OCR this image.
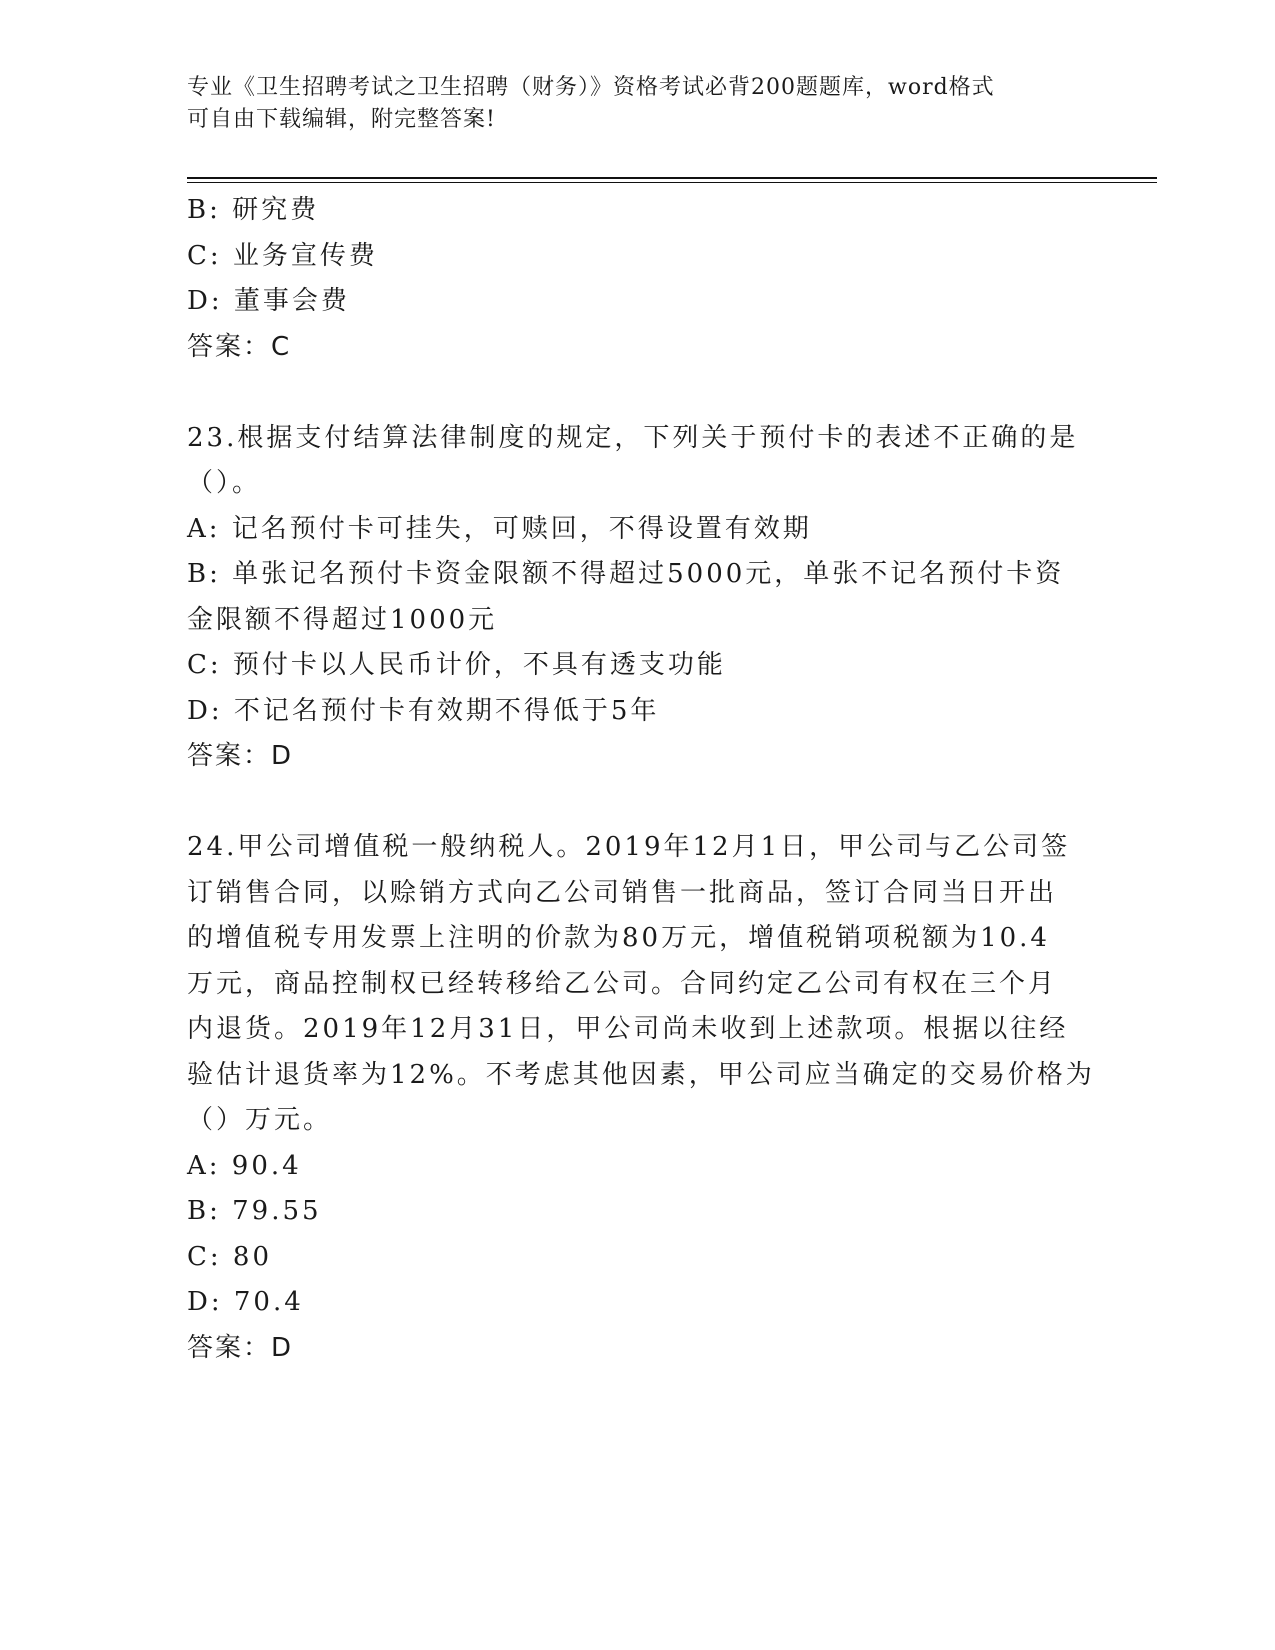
专业《卫生招聘考试之卫生招聘（财务）》资格考试必背200题题库，word格式
可自由下载编辑，附完整答案!
B: 研究费
C: 业务宣传费
D: 董事会费
答案：C
23.根据支付结算法律制度的规定，下列关于预付卡的表述不正确的是
（）。
A: 记名预付卡可挂失，可赎回，不得设置有效期
B: 单张记名预付卡资金限额不得超过5000元，单张不记名预付卡资
金限额不得超过1000元
C: 预付卡以人民币计价，不具有透支功能
D: 不记名预付卡有效期不得低于5年
答案：D
24.甲公司增值税一般纳税人。2019年12月1日，甲公司与乙公司签
订销售合同，以赊销方式向乙公司销售一批商品，签订合同当日开出
的增值税专用发票上注明的价款为80万元，增值税销项税额为10.4
万元，商品控制权已经转移给乙公司。合同约定乙公司有权在三个月
内退货。2019年12月31日，甲公司尚未收到上述款项。根据以往经
验估计退货率为12%。不考虑其他因素，甲公司应当确定的交易价格为
（）万元。
A: 90.4
B: 79.55
C: 80
D: 70.4
答案：D
